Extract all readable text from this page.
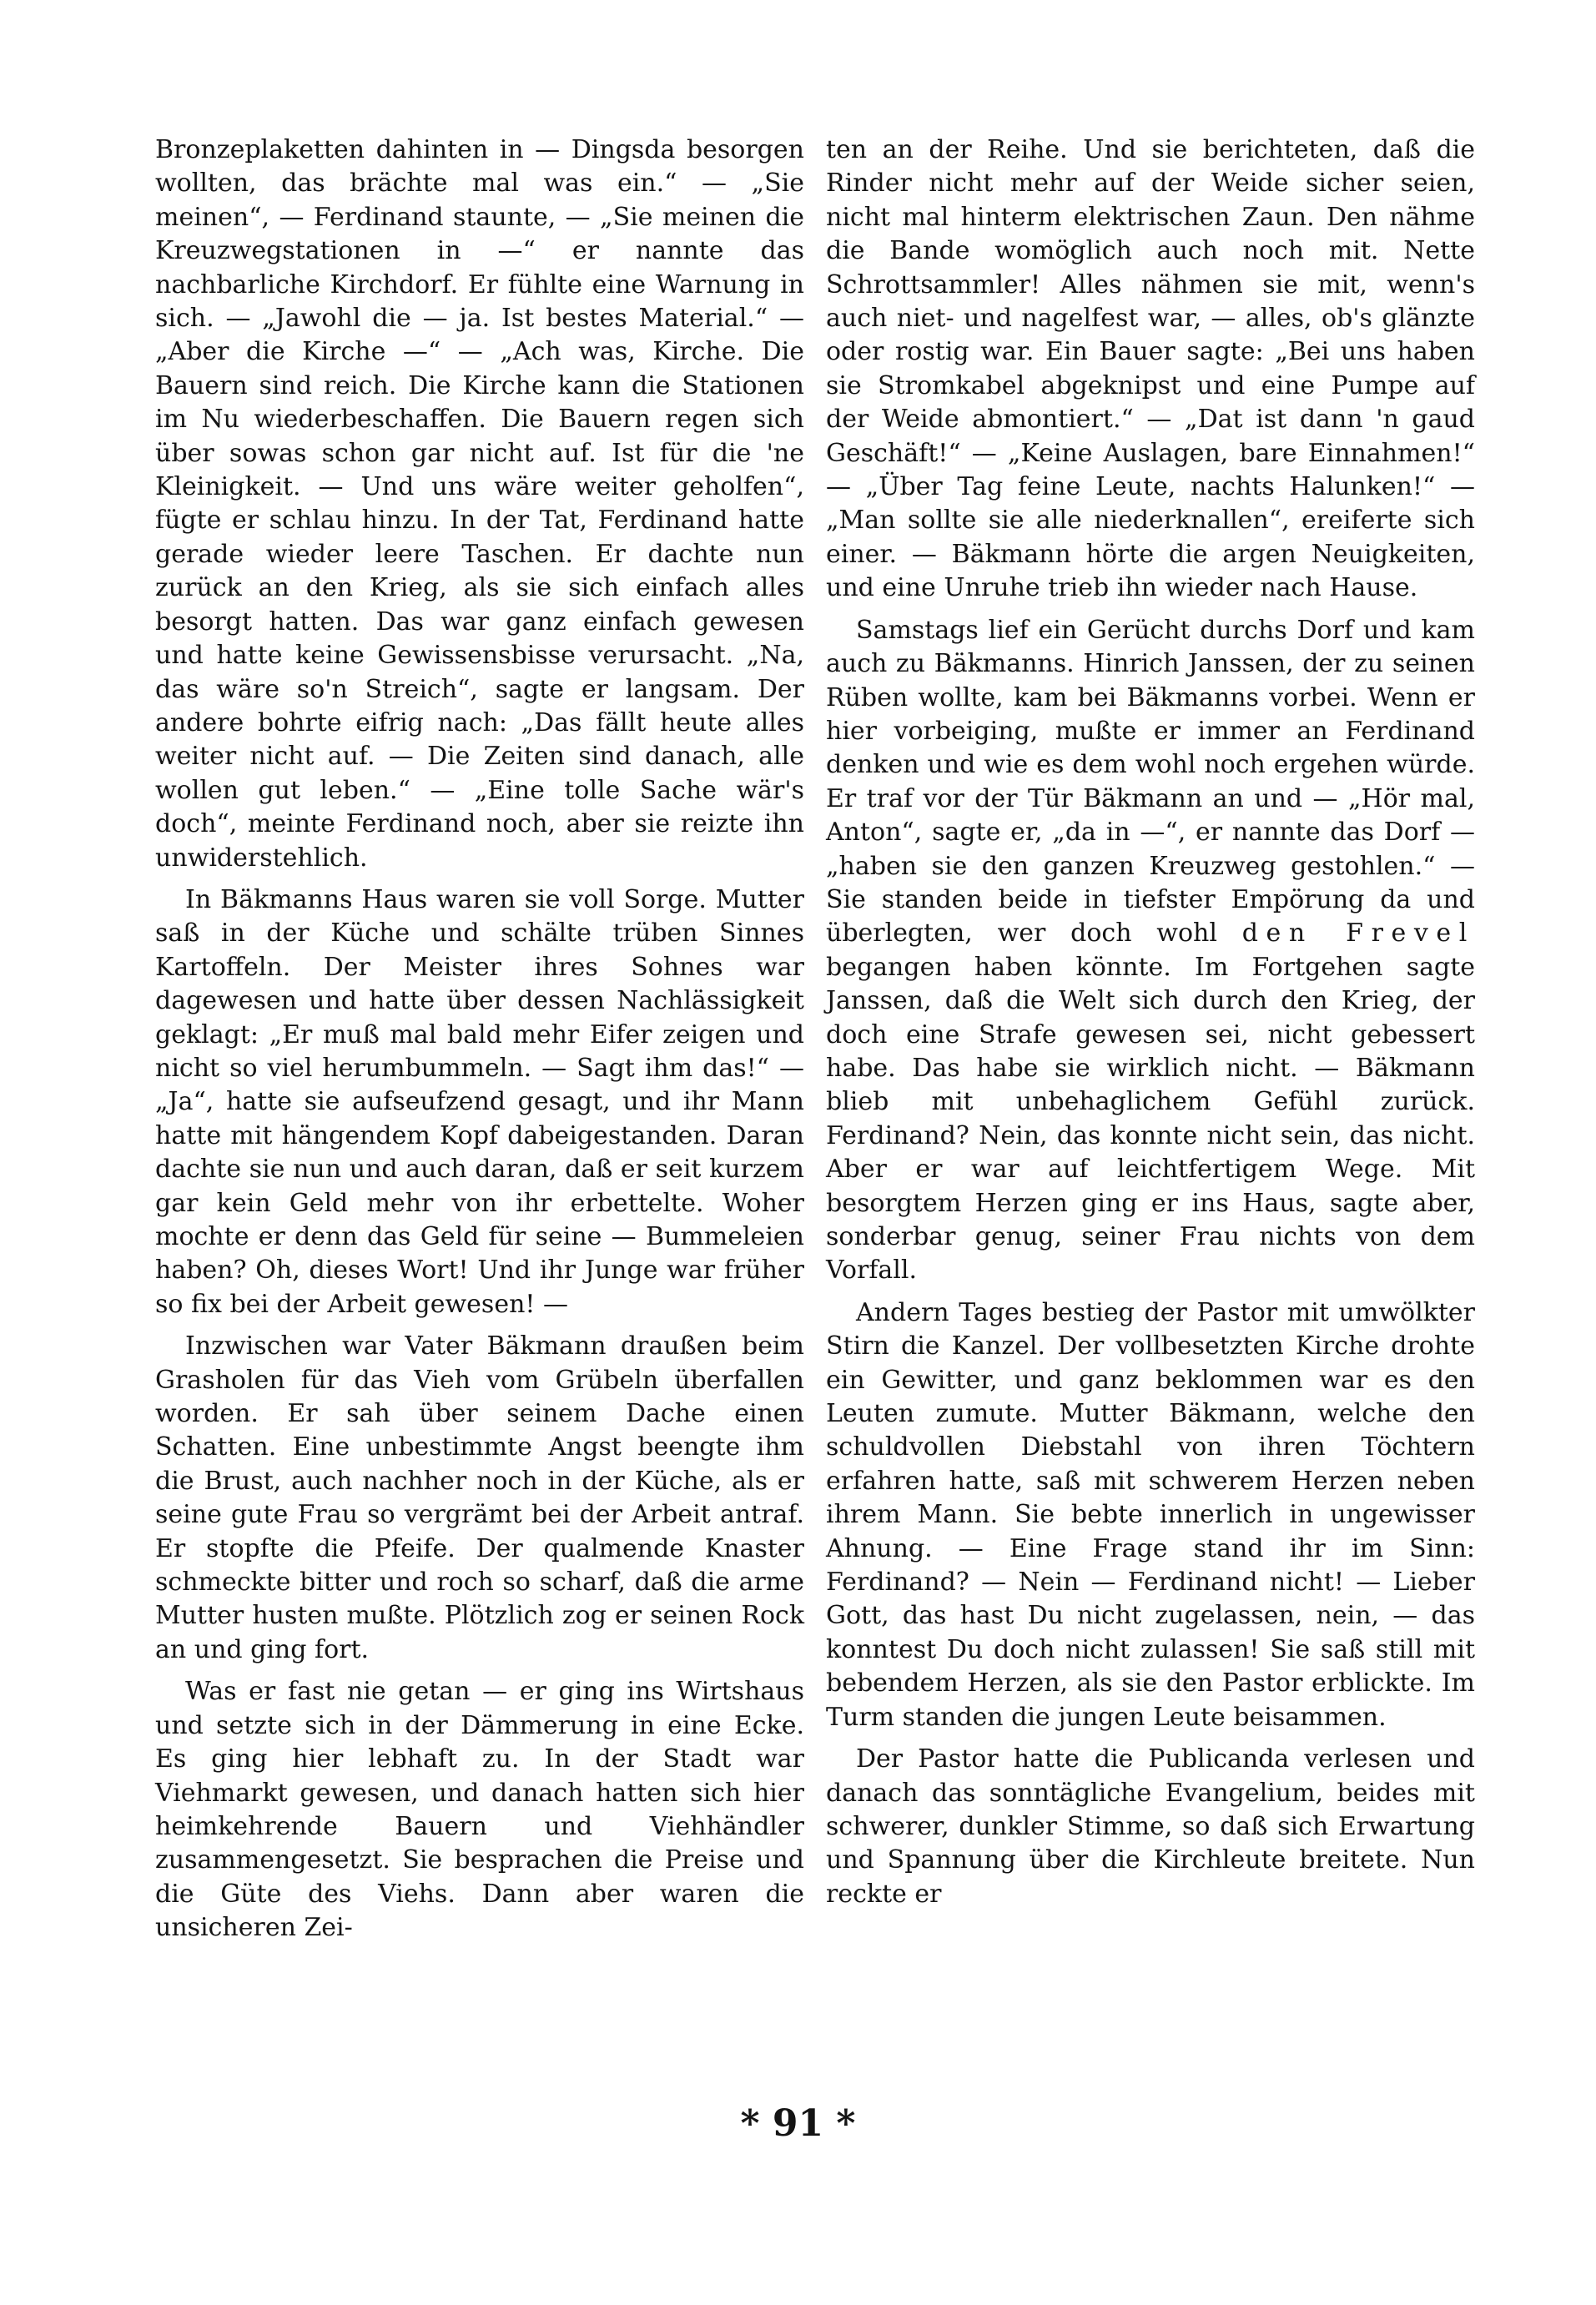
Bronzeplaketten dahinten in — Dingsda besorgen wollten, das brächte mal was ein.“ — „Sie meinen“, — Ferdinand staunte, — „Sie meinen die Kreuzwegstationen in —“ er nannte das nachbarliche Kirchdorf. Er fühlte eine Warnung in sich. — „Jawohl die — ja. Ist bestes Material.“ — „Aber die Kirche —“ — „Ach was, Kirche. Die Bauern sind reich. Die Kirche kann die Stationen im Nu wiederbeschaffen. Die Bauern regen sich über sowas schon gar nicht auf. Ist für die 'ne Kleinigkeit. — Und uns wäre weiter geholfen“, fügte er schlau hinzu. In der Tat, Ferdinand hatte gerade wieder leere Taschen. Er dachte nun zurück an den Krieg, als sie sich einfach alles besorgt hatten. Das war ganz einfach gewesen und hatte keine Gewissensbisse verursacht. „Na, das wäre so'n Streich“, sagte er langsam. Der andere bohrte eifrig nach: „Das fällt heute alles weiter nicht auf. — Die Zeiten sind danach, alle wollen gut leben.“ — „Eine tolle Sache wär's doch“, meinte Ferdinand noch, aber sie reizte ihn unwiderstehlich.

In Bäkmanns Haus waren sie voll Sorge. Mutter saß in der Küche und schälte trüben Sinnes Kartoffeln. Der Meister ihres Sohnes war dagewesen und hatte über dessen Nachlässigkeit geklagt: „Er muß mal bald mehr Eifer zeigen und nicht so viel herumbummeln. — Sagt ihm das!“ — „Ja“, hatte sie aufseufzend gesagt, und ihr Mann hatte mit hängendem Kopf dabeigestanden. Daran dachte sie nun und auch daran, daß er seit kurzem gar kein Geld mehr von ihr erbettelte. Woher mochte er denn das Geld für seine — Bummeleien haben? Oh, dieses Wort! Und ihr Junge war früher so fix bei der Arbeit gewesen! —

Inzwischen war Vater Bäkmann draußen beim Grasholen für das Vieh vom Grübeln überfallen worden. Er sah über seinem Dache einen Schatten. Eine unbestimmte Angst beengte ihm die Brust, auch nachher noch in der Küche, als er seine gute Frau so vergrämt bei der Arbeit antraf. Er stopfte die Pfeife. Der qualmende Knaster schmeckte bitter und roch so scharf, daß die arme Mutter husten mußte. Plötzlich zog er seinen Rock an und ging fort.

Was er fast nie getan — er ging ins Wirtshaus und setzte sich in der Dämmerung in eine Ecke. Es ging hier lebhaft zu. In der Stadt war Viehmarkt gewesen, und danach hatten sich hier heimkehrende Bauern und Viehhändler zusammengesetzt. Sie besprachen die Preise und die Güte des Viehs. Dann aber waren die unsicheren Zei-

ten an der Reihe. Und sie berichteten, daß die Rinder nicht mehr auf der Weide sicher seien, nicht mal hinterm elektrischen Zaun. Den nähme die Bande womöglich auch noch mit. Nette Schrottsammler! Alles nähmen sie mit, wenn's auch niet- und nagelfest war, — alles, ob's glänzte oder rostig war. Ein Bauer sagte: „Bei uns haben sie Stromkabel abgeknipst und eine Pumpe auf der Weide abmontiert.“ — „Dat ist dann 'n gaud Geschäft!“ — „Keine Auslagen, bare Einnahmen!“ — „Über Tag feine Leute, nachts Halunken!“ — „Man sollte sie alle niederknallen“, ereiferte sich einer. — Bäkmann hörte die argen Neuigkeiten, und eine Unruhe trieb ihn wieder nach Hause.

Samstags lief ein Gerücht durchs Dorf und kam auch zu Bäkmanns. Hinrich Janssen, der zu seinen Rüben wollte, kam bei Bäkmanns vorbei. Wenn er hier vorbeiging, mußte er immer an Ferdinand denken und wie es dem wohl noch ergehen würde. Er traf vor der Tür Bäkmann an und — „Hör mal, Anton“, sagte er, „da in —“, er nannte das Dorf — „haben sie den ganzen Kreuzweg gestohlen.“ — Sie standen beide in tiefster Empörung da und überlegten, wer doch wohl den Frevel begangen haben könnte. Im Fortgehen sagte Janssen, daß die Welt sich durch den Krieg, der doch eine Strafe gewesen sei, nicht gebessert habe. Das habe sie wirklich nicht. — Bäkmann blieb mit unbehaglichem Gefühl zurück. Ferdinand? Nein, das konnte nicht sein, das nicht. Aber er war auf leichtfertigem Wege. Mit besorgtem Herzen ging er ins Haus, sagte aber, sonderbar genug, seiner Frau nichts von dem Vorfall.

Andern Tages bestieg der Pastor mit umwölkter Stirn die Kanzel. Der vollbesetzten Kirche drohte ein Gewitter, und ganz beklommen war es den Leuten zumute. Mutter Bäkmann, welche den schuldvollen Diebstahl von ihren Töchtern erfahren hatte, saß mit schwerem Herzen neben ihrem Mann. Sie bebte innerlich in ungewisser Ahnung. — Eine Frage stand ihr im Sinn: Ferdinand? — Nein — Ferdinand nicht! — Lieber Gott, das hast Du nicht zugelassen, nein, — das konntest Du doch nicht zulassen! Sie saß still mit bebendem Herzen, als sie den Pastor erblickte. Im Turm standen die jungen Leute beisammen.

Der Pastor hatte die Publicanda verlesen und danach das sonntägliche Evangelium, beides mit schwerer, dunkler Stimme, so daß sich Erwartung und Spannung über die Kirchleute breitete. Nun reckte er

* 91 *
